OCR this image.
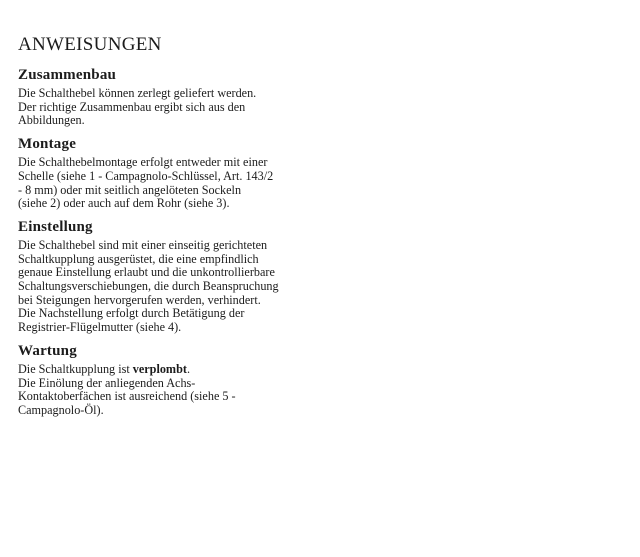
ANWEISUNGEN
Zusammenbau
Die Schalthebel können zerlegt geliefert werden.
Der richtige Zusammenbau ergibt sich aus den
Abbildungen.
Montage
Die Schalthebelmontage erfolgt entweder mit einer
Schelle (siehe 1 - Campagnolo-Schlüssel, Art. 143/2
- 8 mm) oder mit seitlich angelöteten Sockeln
(siehe 2) oder auch auf dem Rohr (siehe 3).
Einstellung
Die Schalthebel sind mit einer einseitig gerichteten
Schaltkupplung ausgerüstet, die eine empfindlich
genaue Einstellung erlaubt und die unkontrollierbare
Schaltungsverschiebungen, die durch Beanspruchung
bei Steigungen hervorgerufen werden, verhindert.
Die Nachstellung erfolgt durch Betätigung der
Registrier-Flügelmutter (siehe 4).
Wartung
Die Schaltkupplung ist verplombt.
Die Einölung der anliegenden Achs-
Kontaktoberfächen ist ausreichend (siehe 5 -
Campagnolo-Öl).
